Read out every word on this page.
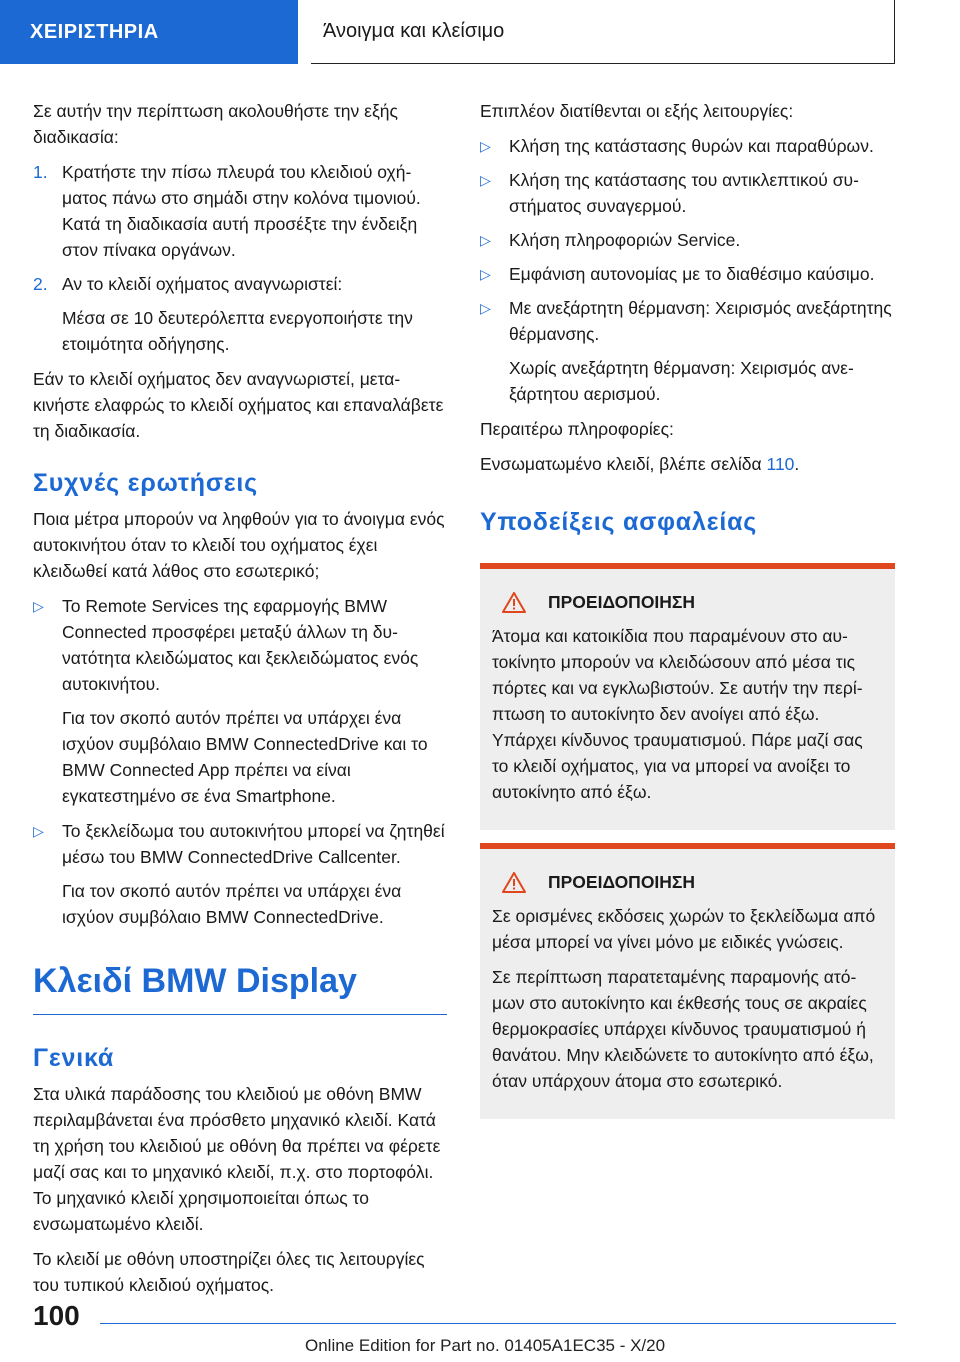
ΧΕΙΡΙΣΤΗΡΙΑ	Άνοιγμα και κλείσιμο

Σε αυτήν την περίπτωση ακολουθήστε την εξής διαδικασία:

1. Κρατήστε την πίσω πλευρά του κλειδιού οχήματος πάνω στο σημάδι στην κολόνα τιμονιού. Κατά τη διαδικασία αυτή προσέξτε την ένδειξη στον πίνακα οργάνων.
2. Αν το κλειδί οχήματος αναγνωριστεί:
Μέσα σε 10 δευτερόλεπτα ενεργοποιήστε την ετοιμότητα οδήγησης.

Εάν το κλειδί οχήματος δεν αναγνωριστεί, μετακινήστε ελαφρώς το κλειδί οχήματος και επαναλάβετε τη διαδικασία.

Συχνές ερωτήσεις

Ποια μέτρα μπορούν να ληφθούν για το άνοιγμα ενός αυτοκινήτου όταν το κλειδί του οχήματος έχει κλειδωθεί κατά λάθος στο εσωτερικό;

▷	Το Remote Services της εφαρμογής BMW Connected προσφέρει μεταξύ άλλων τη δυνατότητα κλειδώματος και ξεκλειδώματος ενός αυτοκινήτου.
Για τον σκοπό αυτόν πρέπει να υπάρχει ένα ισχύον συμβόλαιο BMW ConnectedDrive και το BMW Connected App πρέπει να είναι εγκατεστημένο σε ένα Smartphone.
▷	Το ξεκλείδωμα του αυτοκινήτου μπορεί να ζητηθεί μέσω του BMW ConnectedDrive Callcenter.
Για τον σκοπό αυτόν πρέπει να υπάρχει ένα ισχύον συμβόλαιο BMW ConnectedDrive.
Κλειδί BMW Display
Γενικά

Στα υλικά παράδοσης του κλειδιού με οθόνη BMW περιλαμβάνεται ένα πρόσθετο μηχανικό κλειδί. Κατά τη χρήση του κλειδιού με οθόνη θα πρέπει να φέρετε μαζί σας και το μηχανικό κλειδί, π.χ. στο πορτοφόλι. Το μηχανικό κλειδί χρησιμοποιείται όπως το ενσωματωμένο κλειδί.

Το κλειδί με οθόνη υποστηρίζει όλες τις λειτουργίες του τυπικού κλειδιού οχήματος.

Επιπλέον διατίθενται οι εξής λειτουργίες:

▷	Κλήση της κατάστασης θυρών και παραθύρων.
▷	Κλήση της κατάστασης του αντικλεπτικού συστήματος συναγερμού.
▷	Κλήση πληροφοριών Service.
▷	Εμφάνιση αυτονομίας με το διαθέσιμο καύσιμο.
▷	Με ανεξάρτητη θέρμανση: Χειρισμός ανεξάρτητης θέρμανσης.
Χωρίς ανεξάρτητη θέρμανση: Χειρισμός ανεξάρτητου αερισμού.

Περαιτέρω πληροφορίες:

Ενσωματωμένο κλειδί, βλέπε σελίδα 110.

Υποδείξεις ασφαλείας
ΠΡΟΕΙΔΟΠΟΙΗΣΗ

Άτομα και κατοικίδια που παραμένουν στο αυτοκίνητο μπορούν να κλειδώσουν από μέσα τις πόρτες και να εγκλωβιστούν. Σε αυτήν την περίπτωση το αυτοκίνητο δεν ανοίγει από έξω. Υπάρχει κίνδυνος τραυματισμού. Πάρε μαζί σας το κλειδί οχήματος, για να μπορεί να ανοίξει το αυτοκίνητο από έξω.

ΠΡΟΕΙΔΟΠΟΙΗΣΗ

Σε ορισμένες εκδόσεις χωρών το ξεκλείδωμα από μέσα μπορεί να γίνει μόνο με ειδικές γνώσεις.

Σε περίπτωση παρατεταμένης παραμονής ατόμων στο αυτοκίνητο και έκθεσής τους σε ακραίες θερμοκρασίες υπάρχει κίνδυνος τραυματισμού ή θανάτου. Μην κλειδώνετε το αυτοκίνητο από έξω, όταν υπάρχουν άτομα στο εσωτερικό.

100
Online Edition for Part no. 01405A1EC35 - X/20
